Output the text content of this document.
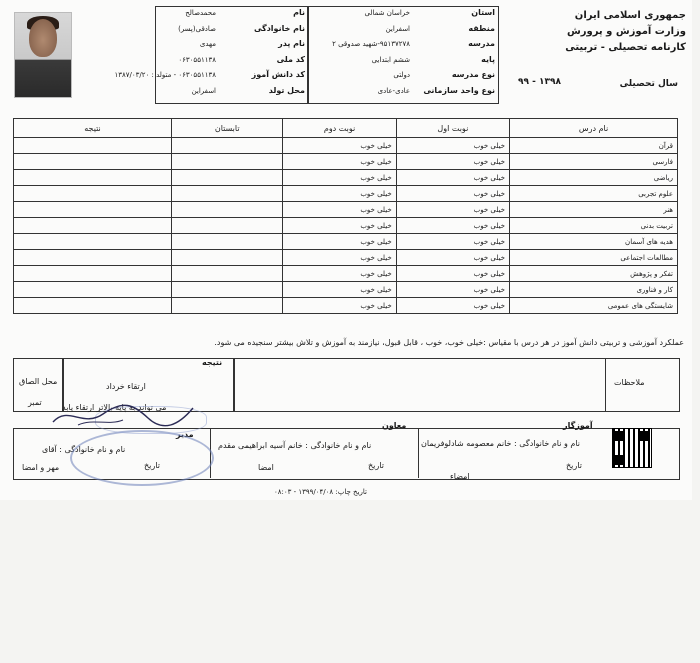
جمهوری اسلامی ایران
وزارت آموزش و پرورش
کارنامه تحصیلی - تربیتی
سال تحصیلی
۹۹ - ۱۳۹۸
استان
خراسان شمالی
منطقه
اسفراین
مدرسه
۹۵۱۳۷۲۷۸-شهید صدوقی ۲
پایه
ششم ابتدایی
نوع مدرسه
دولتی
نوع واحد سازمانی
عادی-عادی
نام
محمدصالح
نام خانوادگی
صادقی(پسر)
نام پدر
مهدی
کد ملی
۰۶۳۰۵۵۱۱۳۸
کد دانش آموز
۰۶۳۰۵۵۱۱۳۸ - متولد : ۱۳۸۷/۰۳/۲۰
محل تولد
اسفراین
نام درس	نوبت اول	نوبت دوم	تابستان	نتیجه
قرآن	خیلی خوب	خیلی خوب		
فارسی	خیلی خوب	خیلی خوب		
ریاضی	خیلی خوب	خیلی خوب		
علوم تجربی	خیلی خوب	خیلی خوب		
هنر	خیلی خوب	خیلی خوب		
تربیت بدنی	خیلی خوب	خیلی خوب		
هدیه های آسمان	خیلی خوب	خیلی خوب		
مطالعات اجتماعی	خیلی خوب	خیلی خوب		
تفکر و پژوهش	خیلی خوب	خیلی خوب		
کار و فناوری	خیلی خوب	خیلی خوب		
شایستگی های عمومی	خیلی خوب	خیلی خوب		
عملکرد آموزشی و تربیتی دانش آموز در هر درس با مقیاس :خیلی خوب، خوب ، قابل قبول، نیازمند به آموزش و تلاش بیشتر سنجیده می شود.
ملاحظات
نتیجه
ارتقاء خرداد
می تواند به پایه بالاتر ارتقاء یابد
محل الصاق
تمبر
آموزگار
نام و نام خانوادگی : خانم معصومه شادلوفریمان
تاریخ
امضاء
معاون
نام و نام خانوادگی : خانم آسیه ابراهیمی مقدم
تاریخ
امضا
مدیر
نام و نام خانوادگی : آقای
تاریخ
مهر و امضا
تاریخ چاپ: ۱۳۹۹/۰۴/۰۸ - ۰۸:۰۳
